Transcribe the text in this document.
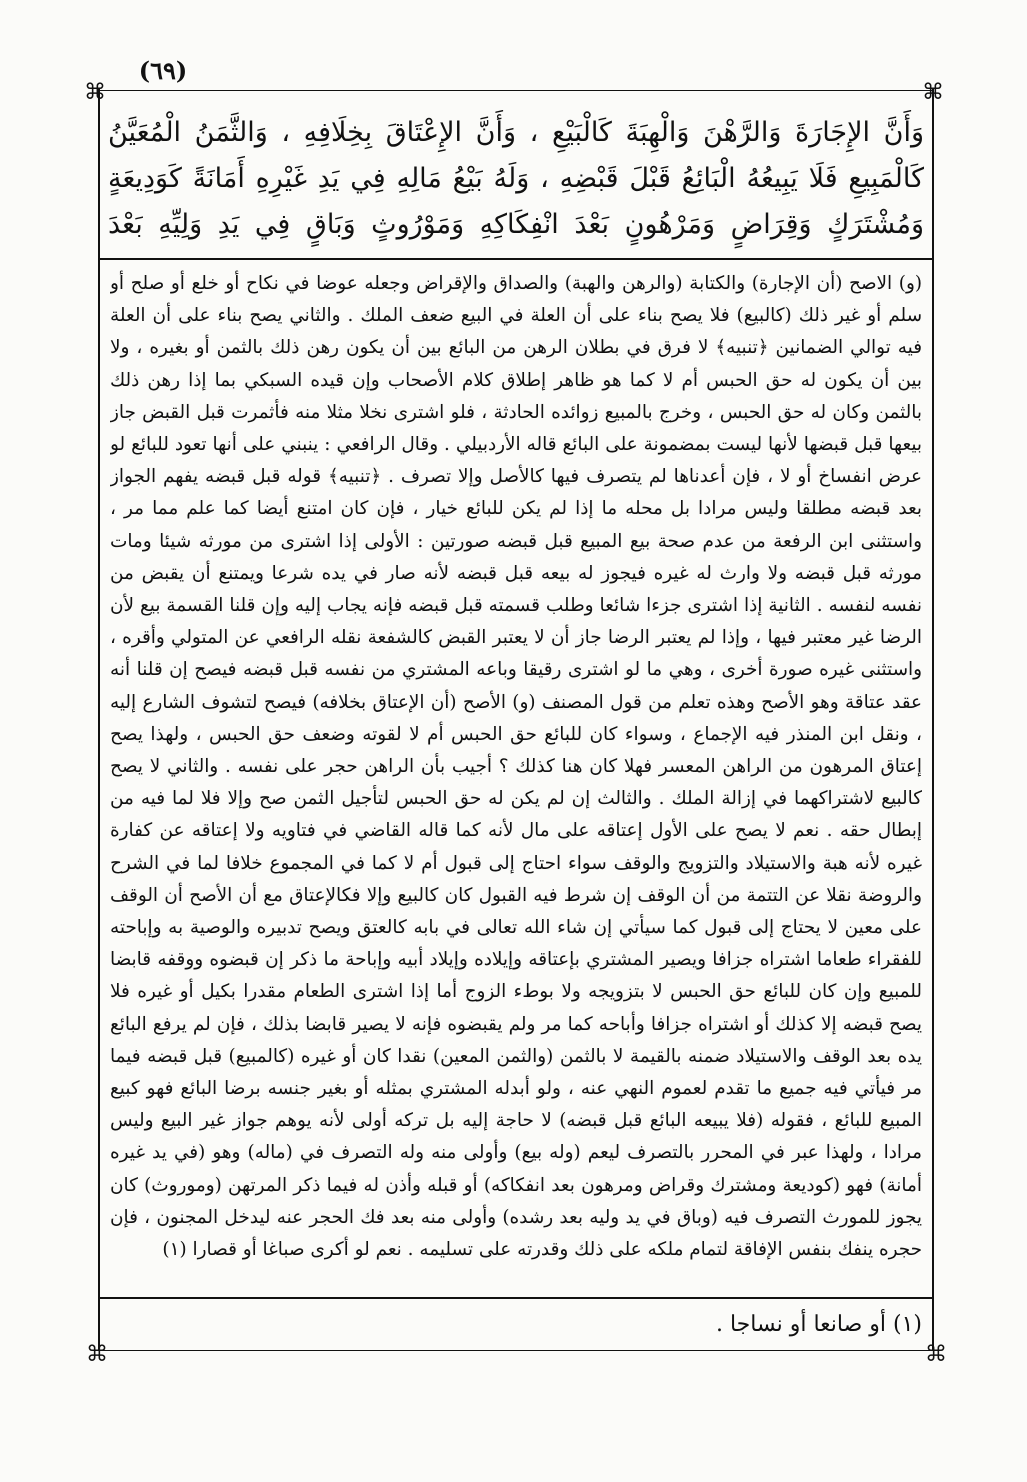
⌘	⌘
⌘	⌘
(٦٩)

وَأَنَّ الإِجَارَةَ وَالرَّهْنَ وَالْهِبَةَ كَالْبَيْعِ ، وَأَنَّ الإِعْتَاقَ بِخِلَافِهِ ، وَالثَّمَنُ الْمُعَيَّنُ كَالْمَبِيعِ فَلَا يَبِيعُهُ الْبَائِعُ قَبْلَ قَبْضِهِ ، وَلَهُ بَيْعُ مَالِهِ فِي يَدِ غَيْرِهِ أَمَانَةً كَوَدِيعَةٍ وَمُشْتَرَكٍ وَقِرَاضٍ وَمَرْهُونٍ بَعْدَ انْفِكَاكِهِ وَمَوْرُوثٍ وَبَاقٍ فِي يَدِ وَلِيِّهِ بَعْدَ

(و) الاصح (أن الإجارة) والكتابة (والرهن والهبة) والصداق والإقراض وجعله عوضا في نكاح أو خلع أو صلح أو سلم أو غير ذلك (كالبيع) فلا يصح بناء على أن العلة في البيع ضعف الملك . والثاني يصح بناء على أن العلة فيه توالي الضمانين ﴿تنبيه﴾ لا فرق في بطلان الرهن من البائع بين أن يكون رهن ذلك بالثمن أو بغيره ، ولا بين أن يكون له حق الحبس أم لا كما هو ظاهر إطلاق كلام الأصحاب وإن قيده السبكي بما إذا رهن ذلك بالثمن وكان له حق الحبس ، وخرج بالمبيع زوائده الحادثة ، فلو اشترى نخلا مثلا منه فأثمرت قبل القبض جاز بيعها قبل قبضها لأنها ليست بمضمونة على البائع قاله الأردبيلي . وقال الرافعي : ينبني على أنها تعود للبائع لو عرض انفساخ أو لا ، فإن أعدناها لم يتصرف فيها كالأصل وإلا تصرف . ﴿تنبيه﴾ قوله قبل قبضه يفهم الجواز بعد قبضه مطلقا وليس مرادا بل محله ما إذا لم يكن للبائع خيار ، فإن كان امتنع أيضا كما علم مما مر ، واستثنى ابن الرفعة من عدم صحة بيع المبيع قبل قبضه صورتين : الأولى إذا اشترى من مورثه شيئا ومات مورثه قبل قبضه ولا وارث له غيره فيجوز له بيعه قبل قبضه لأنه صار في يده شرعا ويمتنع أن يقبض من نفسه لنفسه . الثانية إذا اشترى جزءا شائعا وطلب قسمته قبل قبضه فإنه يجاب إليه وإن قلنا القسمة بيع لأن الرضا غير معتبر فيها ، وإذا لم يعتبر الرضا جاز أن لا يعتبر القبض كالشفعة نقله الرافعي عن المتولي وأقره ، واستثنى غيره صورة أخرى ، وهي ما لو اشترى رقيقا وباعه المشتري من نفسه قبل قبضه فيصح إن قلنا أنه عقد عتاقة وهو الأصح وهذه تعلم من قول المصنف (و) الأصح (أن الإعتاق بخلافه) فيصح لتشوف الشارع إليه ، ونقل ابن المنذر فيه الإجماع ، وسواء كان للبائع حق الحبس أم لا لقوته وضعف حق الحبس ، ولهذا يصح إعتاق المرهون من الراهن المعسر فهلا كان هنا كذلك ؟ أجيب بأن الراهن حجر على نفسه . والثاني لا يصح كالبيع لاشتراكهما في إزالة الملك . والثالث إن لم يكن له حق الحبس لتأجيل الثمن صح وإلا فلا لما فيه من إبطال حقه . نعم لا يصح على الأول إعتاقه على مال لأنه كما قاله القاضي في فتاويه ولا إعتاقه عن كفارة غيره لأنه هبة والاستيلاد والتزويج والوقف سواء احتاج إلى قبول أم لا كما في المجموع خلافا لما في الشرح والروضة نقلا عن التتمة من أن الوقف إن شرط فيه القبول كان كالبيع وإلا فكالإعتاق مع أن الأصح أن الوقف على معين لا يحتاج إلى قبول كما سيأتي إن شاء الله تعالى في بابه كالعتق ويصح تدبيره والوصية به وإباحته للفقراء طعاما اشتراه جزافا ويصير المشتري بإعتاقه وإيلاده وإيلاد أبيه وإباحة ما ذكر إن قبضوه ووقفه قابضا للمبيع وإن كان للبائع حق الحبس لا بتزويجه ولا بوطء الزوج أما إذا اشترى الطعام مقدرا بكيل أو غيره فلا يصح قبضه إلا كذلك أو اشتراه جزافا وأباحه كما مر ولم يقبضوه فإنه لا يصير قابضا بذلك ، فإن لم يرفع البائع يده بعد الوقف والاستيلاد ضمنه بالقيمة لا بالثمن (والثمن المعين) نقدا كان أو غيره (كالمبيع) قبل قبضه فيما مر فيأتي فيه جميع ما تقدم لعموم النهي عنه ، ولو أبدله المشتري بمثله أو بغير جنسه برضا البائع فهو كبيع المبيع للبائع ، فقوله (فلا يبيعه البائع قبل قبضه) لا حاجة إليه بل تركه أولى لأنه يوهم جواز غير البيع وليس مرادا ، ولهذا عبر في المحرر بالتصرف ليعم (وله بيع) وأولى منه وله التصرف في (ماله) وهو (في يد غيره أمانة) فهو (كوديعة ومشترك وقراض ومرهون بعد انفكاكه) أو قبله وأذن له فيما ذكر المرتهن (وموروث) كان يجوز للمورث التصرف فيه (وباق في يد وليه بعد رشده) وأولى منه بعد فك الحجر عنه ليدخل المجنون ، فإن حجره ينفك بنفس الإفاقة لتمام ملكه على ذلك وقدرته على تسليمه . نعم لو أكرى صباغا أو قصارا (١)

(١) أو صانعا أو نساجا .
